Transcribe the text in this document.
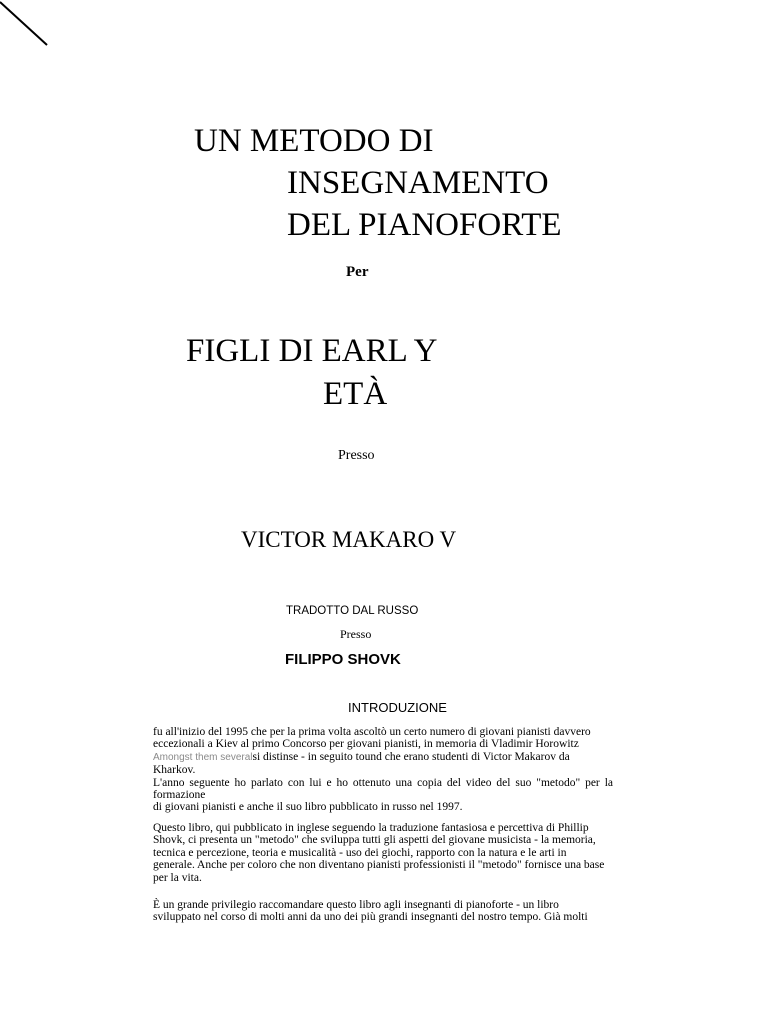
UN METODO DI
INSEGNAMENTO
DEL PIANOFORTE
Per
FIGLI DI EARL Y
ETÀ
Presso
VICTOR MAKARO V
TRADOTTO DAL RUSSO
Presso
FILIPPO SHOVK
INTRODUZIONE
fu all'inizio del 1995 che per la prima volta ascoltò un certo numero di giovani pianisti davvero
eccezionali a Kiev al primo Concorso per giovani pianisti, in memoria di Vladimir Horowitz
Amongst them severalsi distinse - in seguito tound che erano studenti di Victor Makarov da
Kharkov.
L'anno seguente ho parlato con lui e ho ottenuto una copia del video del suo "metodo" per la formazione
di giovani pianisti e anche il suo libro pubblicato in russo nel 1997.
Questo libro, qui pubblicato in inglese seguendo la traduzione fantasiosa e percettiva di Phillip
Shovk, ci presenta un "metodo" che sviluppa tutti gli aspetti del giovane musicista - la memoria,
tecnica e percezione, teoria e musicalità - uso dei giochi, rapporto con la natura e le arti in
generale. Anche per coloro che non diventano pianisti professionisti il "metodo" fornisce una base
per la vita.
È un grande privilegio raccomandare questo libro agli insegnanti di pianoforte - un libro
sviluppato nel corso di molti anni da uno dei più grandi insegnanti del nostro tempo. Già molti
